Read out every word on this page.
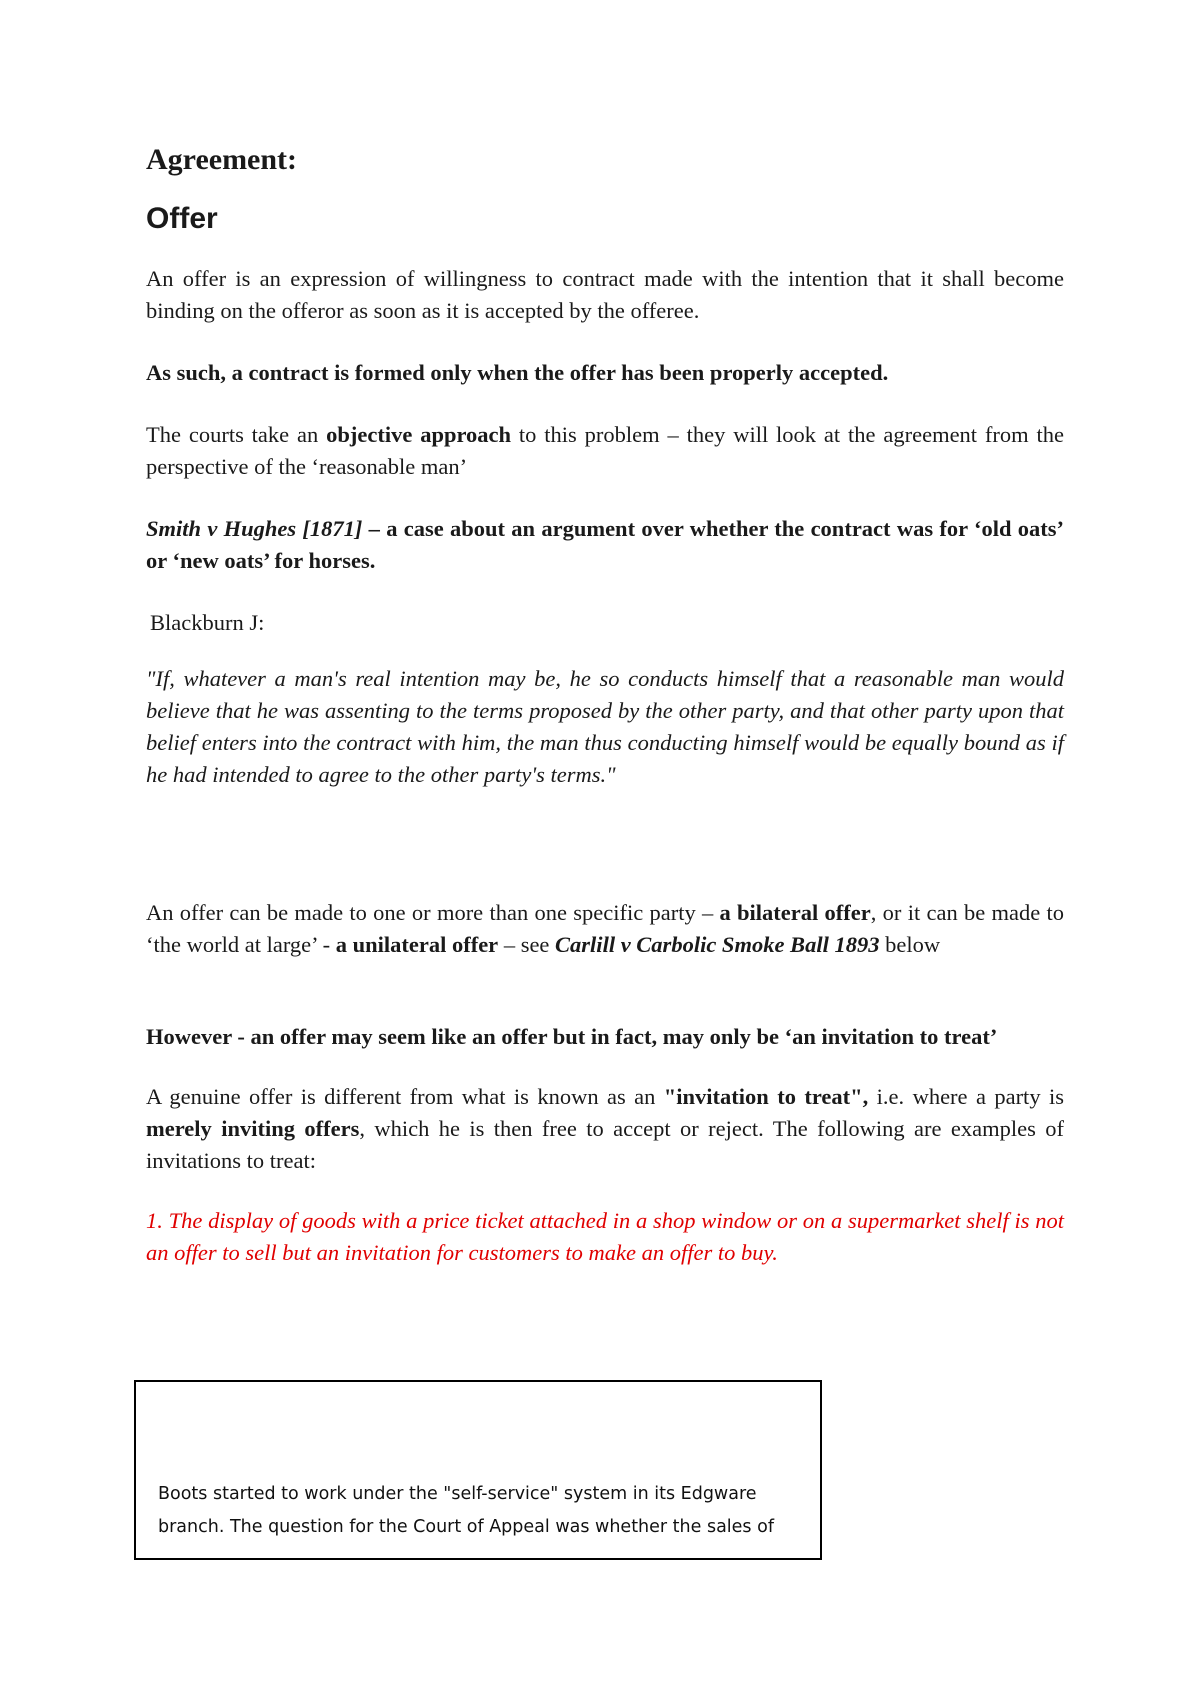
Agreement:
Offer

An offer is an expression of willingness to contract made with the intention that it shall become binding on the offeror as soon as it is accepted by the offeree.

As such, a contract is formed only when the offer has been properly accepted.

The courts take an objective approach to this problem – they will look at the agreement from the perspective of the ‘reasonable man’

Smith v Hughes [1871] – a case about an argument over whether the contract was for ‘old oats’ or ‘new oats’ for horses.

Blackburn J:

"If, whatever a man's real intention may be, he so conducts himself that a reasonable man would believe that he was assenting to the terms proposed by the other party, and that other party upon that belief enters into the contract with him, the man thus conducting himself would be equally bound as if he had intended to agree to the other party's terms."

An offer can be made to one or more than one specific party – a bilateral offer, or it can be made to ‘the world at large’ - a unilateral offer – see Carlill v Carbolic Smoke Ball 1893 below

However - an offer may seem like an offer but in fact, may only be ‘an invitation to treat’

A genuine offer is different from what is known as an "invitation to treat", i.e. where a party is merely inviting offers, which he is then free to accept or reject. The following are examples of invitations to treat:

1. The display of goods with a price ticket attached in a shop window or on a supermarket shelf is not an offer to sell but an invitation for customers to make an offer to buy.

Boots started to work under the "self-service" system in its Edgware branch. The question for the Court of Appeal was whether the sales of
